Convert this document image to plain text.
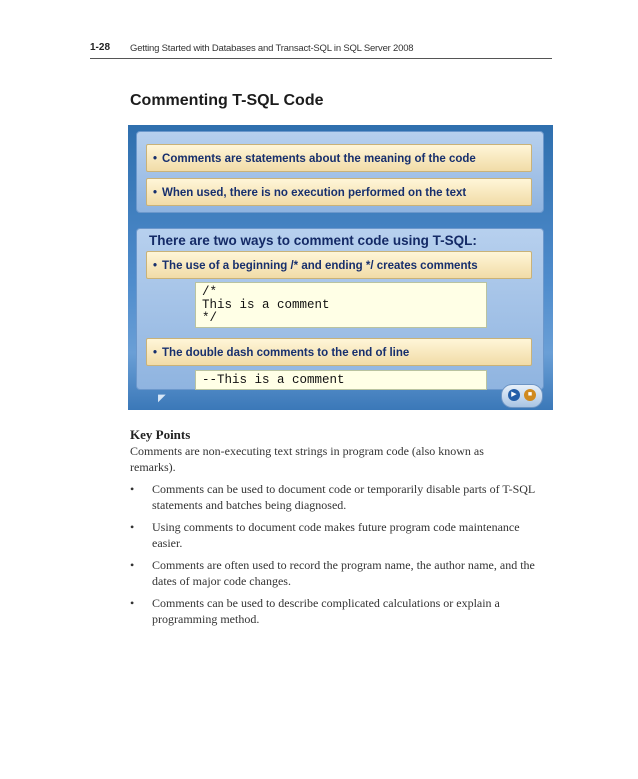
1-28 Getting Started with Databases and Transact-SQL in SQL Server 2008
Commenting T-SQL Code
• Comments are statements about the meaning of the code
• When used, there is no execution performed on the text
There are two ways to comment code using T-SQL:
• The use of a beginning /* and ending */ creates comments
/*
This is a comment
*/
• The double dash comments to the end of line
--This is a comment
◤	▶	■
Key Points
Comments are non-executing text strings in program code (also known as remarks).
• Comments can be used to document code or temporarily disable parts of T-SQL statements and batches being diagnosed.
• Using comments to document code makes future program code maintenance easier.
• Comments are often used to record the program name, the author name, and the dates of major code changes.
• Comments can be used to describe complicated calculations or explain a programming method.
